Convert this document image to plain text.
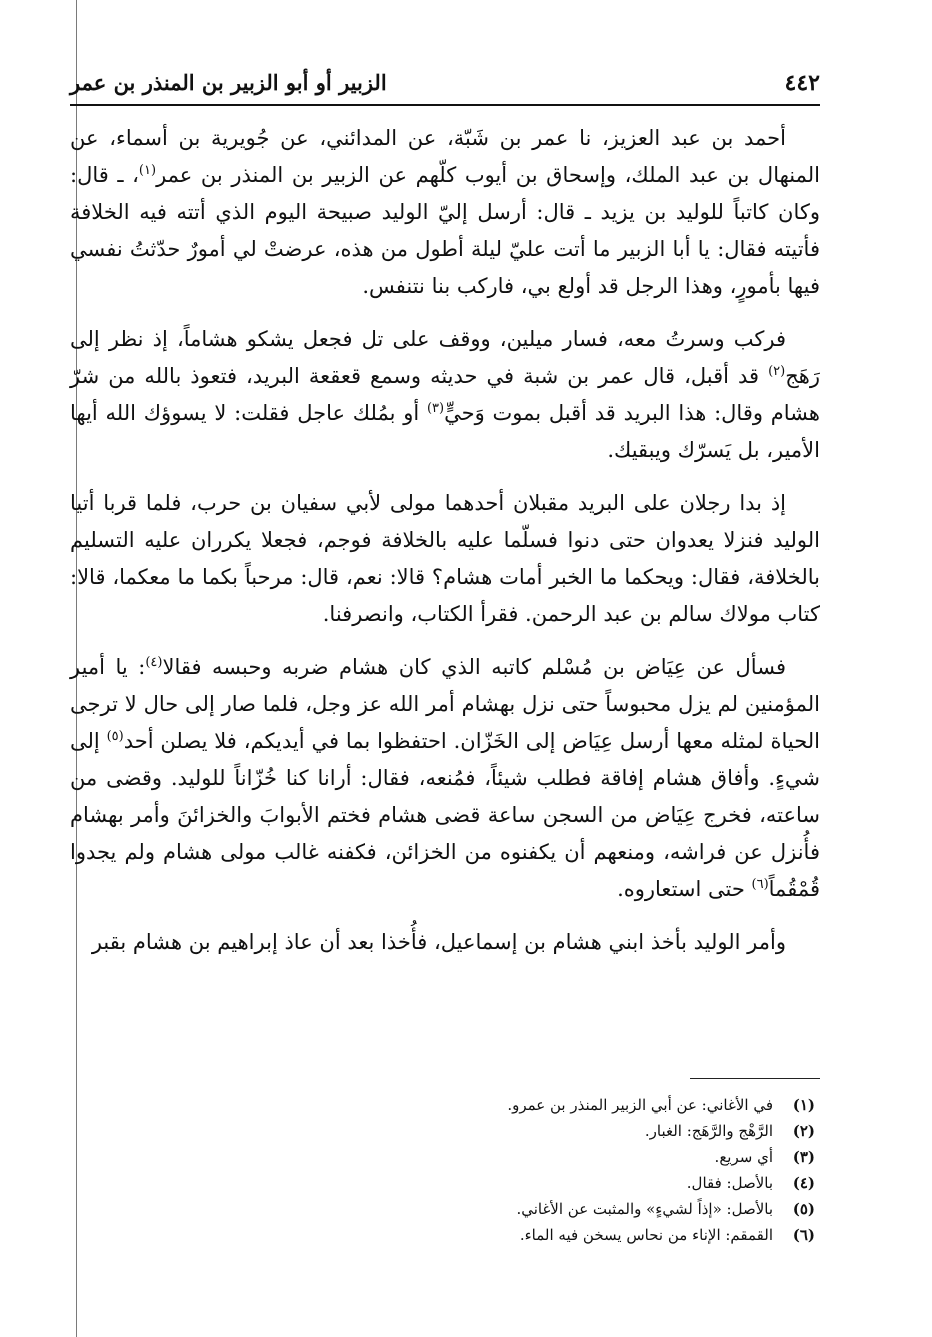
٤٤٢
الزبير أو أبو الزبير بن المنذر بن عمر

أحمد بن عبد العزيز، نا عمر بن شَبّة، عن المدائني، عن جُويرية بن أسماء، عن المنهال بن عبد الملك، وإسحاق بن أيوب كلّهم عن الزبير بن المنذر بن عمر$^{(١)}$، ـ قال: وكان كاتباً للوليد بن يزيد ـ قال: أرسل إليّ الوليد صبيحة اليوم الذي أتته فيه الخلافة فأتيته فقال: يا أبا الزبير ما أتت عليّ ليلة أطول من هذه، عرضتْ لي أمورٌ حدّثتُ نفسي فيها بأمورٍ، وهذا الرجل قد أولع بي، فاركب بنا نتنفس.

فركب وسرتُ معه، فسار ميلين، ووقف على تل فجعل يشكو هشاماً، إذ نظر إلى رَهَج$^{(٢)}$ قد أقبل، قال عمر بن شبة في حديثه وسمع قعقعة البريد، فتعوذ بالله من شرّ هشام وقال: هذا البريد قد أقبل بموت وَحيٍّ$^{(٣)}$ أو بمُلك عاجل فقلت: لا يسوؤك الله أيها الأمير، بل يَسرّك ويبقيك.

إذ بدا رجلان على البريد مقبلان أحدهما مولى لأبي سفيان بن حرب، فلما قربا أتيا الوليد فنزلا يعدوان حتى دنوا فسلّما عليه بالخلافة فوجم، فجعلا يكرران عليه التسليم بالخلافة، فقال: ويحكما ما الخبر أمات هشام؟ قالا: نعم، قال: مرحباً بكما ما معكما، قالا: كتاب مولاك سالم بن عبد الرحمن. فقرأ الكتاب، وانصرفنا.

فسأل عن عِيَاض بن مُسْلم كاتبه الذي كان هشام ضربه وحبسه فقالا$^{(٤)}$: يا أمير المؤمنين لم يزل محبوساً حتى نزل بهشام أمر الله عز وجل، فلما صار إلى حال لا ترجى الحياة لمثله معها أرسل عِيَاض إلى الخَزّان. احتفظوا بما في أيديكم، فلا يصلن أحد$^{(٥)}$ إلى شيءٍ. وأفاق هشام إفاقة فطلب شيئاً، فمُنعه، فقال: أرانا كنا خُزّاناً للوليد. وقضى من ساعته، فخرج عِيَاض من السجن ساعة قضى هشام فختم الأبوابَ والخزائنَ وأمر بهشام فأُنزل عن فراشه، ومنعهم أن يكفنوه من الخزائن، فكفنه غالب مولى هشام ولم يجدوا قُمْقُماً$^{(٦)}$ حتى استعاروه.

وأمر الوليد بأخذ ابني هشام بن إسماعيل، فأُخذا بعد أن عاذ إبراهيم بن هشام بقبر

(١)
في الأغاني: عن أبي الزبير المنذر بن عمرو.
(٢)
الرَّهْج والرَّهَج: الغبار.
(٣)
أي سريع.
(٤)
بالأصل: فقال.
(٥)
بالأصل: «إذاً لشيءٍ» والمثبت عن الأغاني.
(٦)
القمقم: الإناء من نحاس يسخن فيه الماء.
